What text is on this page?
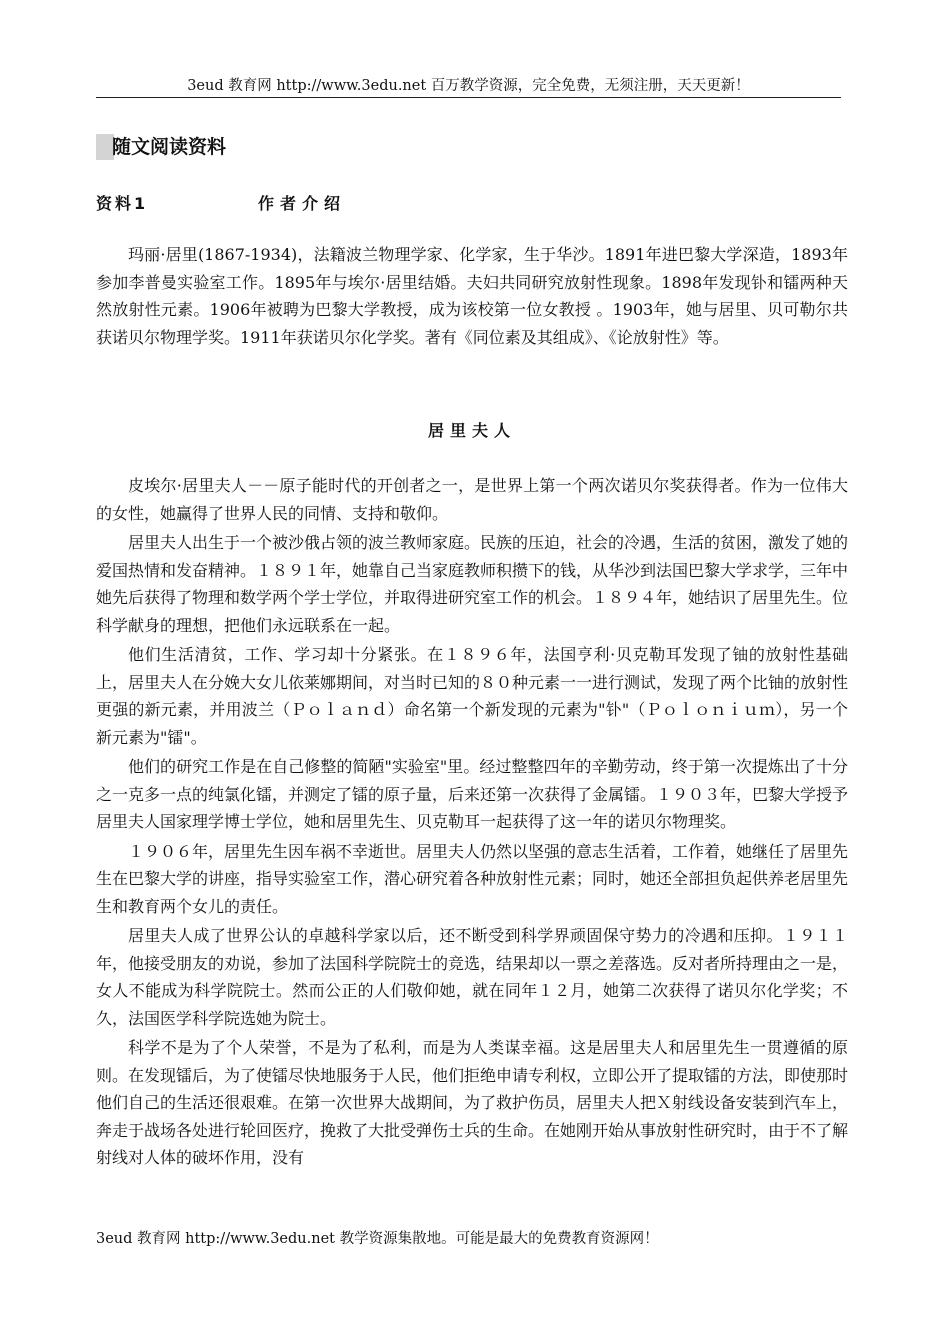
3eud 教育网 http://www.3edu.net 百万教学资源，完全免费，无须注册，天天更新！
随文阅读资料
资料1	作者介绍

玛丽·居里(1867-1934)，法籍波兰物理学家、化学家，生于华沙。1891年进巴黎大学深造，1893年参加李普曼实验室工作。1895年与埃尔·居里结婚。夫妇共同研究放射性现象。1898年发现钋和镭两种天然放射性元素。1906年被聘为巴黎大学教授，成为该校第一位女教授 。1903年，她与居里、贝可勒尔共获诺贝尔物理学奖。1911年获诺贝尔化学奖。著有《同位素及其组成》、《论放射性》等。

居里夫人

皮埃尔·居里夫人－－原子能时代的开创者之一，是世界上第一个两次诺贝尔奖获得者。作为一位伟大的女性，她赢得了世界人民的同情、支持和敬仰。

居里夫人出生于一个被沙俄占领的波兰教师家庭。民族的压迫，社会的冷遇，生活的贫困，激发了她的爱国热情和发奋精神。１８９１年，她靠自己当家庭教师积攒下的钱，从华沙到法国巴黎大学求学，三年中她先后获得了物理和数学两个学士学位，并取得进研究室工作的机会。１８９４年，她结识了居里先生。位科学献身的理想，把他们永远联系在一起。

他们生活清贫，工作、学习却十分紧张。在１８９６年，法国亨利·贝克勒耳发现了铀的放射性基础上，居里夫人在分娩大女儿依莱娜期间，对当时已知的８０种元素一一进行测试，发现了两个比铀的放射性更强的新元素，并用波兰（Ｐｏｌａｎｄ）命名第一个新发现的元素为"钋"（Ｐｏｌｏｎｉｕｍ），另一个新元素为"镭"。

他们的研究工作是在自己修整的简陋"实验室"里。经过整整四年的辛勤劳动，终于第一次提炼出了十分之一克多一点的纯氯化镭，并测定了镭的原子量，后来还第一次获得了金属镭。１９０３年，巴黎大学授予居里夫人国家理学博士学位，她和居里先生、贝克勒耳一起获得了这一年的诺贝尔物理奖。

１９０６年，居里先生因车祸不幸逝世。居里夫人仍然以坚强的意志生活着，工作着，她继任了居里先生在巴黎大学的讲座，指导实验室工作，潜心研究着各种放射性元素；同时，她还全部担负起供养老居里先生和教育两个女儿的责任。

居里夫人成了世界公认的卓越科学家以后，还不断受到科学界顽固保守势力的冷遇和压抑。１９１１年，他接受朋友的劝说，参加了法国科学院院士的竞选，结果却以一票之差落选。反对者所持理由之一是，女人不能成为科学院院士。然而公正的人们敬仰她，就在同年１２月，她第二次获得了诺贝尔化学奖；不久，法国医学科学院选她为院士。

科学不是为了个人荣誉，不是为了私利，而是为人类谋幸福。这是居里夫人和居里先生一贯遵循的原则。在发现镭后，为了使镭尽快地服务于人民，他们拒绝申请专利权，立即公开了提取镭的方法，即使那时他们自己的生活还很艰难。在第一次世界大战期间，为了救护伤员，居里夫人把Ｘ射线设备安装到汽车上，奔走于战场各处进行轮回医疗，挽救了大批受弹伤士兵的生命。在她刚开始从事放射性研究时，由于不了解射线对人体的破坏作用，没有

3eud 教育网 http://www.3edu.net 教学资源集散地。可能是最大的免费教育资源网！
